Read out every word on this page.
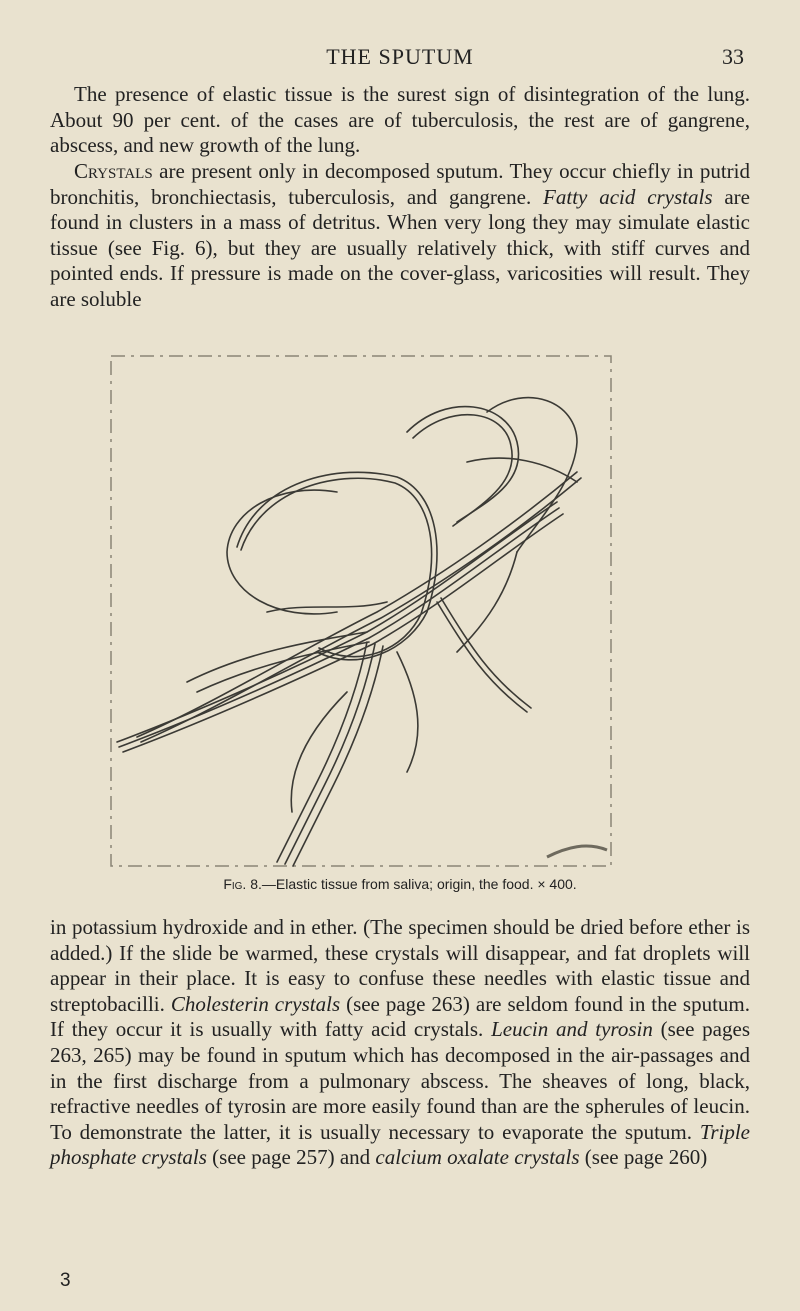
THE SPUTUM	33

The presence of elastic tissue is the surest sign of disintegration of the lung. About 90 per cent. of the cases are of tuberculosis, the rest are of gangrene, abscess, and new growth of the lung.

Crystals are present only in decomposed sputum. They occur chiefly in putrid bronchitis, bronchiectasis, tuberculosis, and gangrene. Fatty acid crystals are found in clusters in a mass of detritus. When very long they may simulate elastic tissue (see Fig. 6), but they are usually relatively thick, with stiff curves and pointed ends. If pressure is made on the cover-glass, varicosities will result. They are soluble

Fig. 8.—Elastic tissue from saliva; origin, the food. × 400.

in potassium hydroxide and in ether. (The specimen should be dried before ether is added.) If the slide be warmed, these crystals will disappear, and fat droplets will appear in their place. It is easy to confuse these needles with elastic tissue and streptobacilli. Cholesterin crystals (see page 263) are seldom found in the sputum. If they occur it is usually with fatty acid crystals. Leucin and tyrosin (see pages 263, 265) may be found in sputum which has decomposed in the air-passages and in the first discharge from a pulmonary abscess. The sheaves of long, black, refractive needles of tyrosin are more easily found than are the spherules of leucin. To demonstrate the latter, it is usually necessary to evaporate the sputum. Triple phosphate crystals (see page 257) and calcium oxalate crystals (see page 260)

3
